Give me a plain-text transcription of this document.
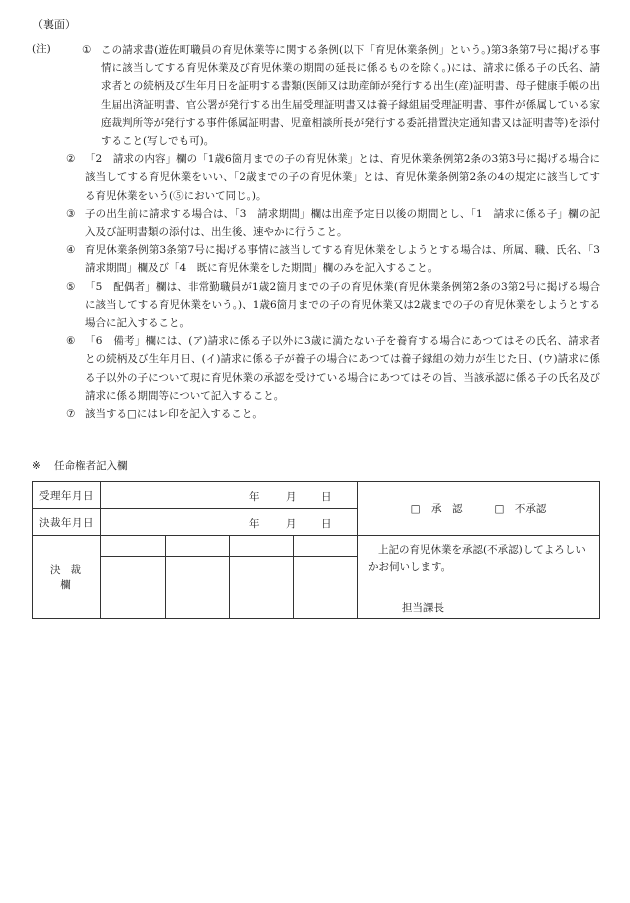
（裏面）
(注)	① この請求書(遊佐町職員の育児休業等に関する条例(以下「育児休業条例」という。)第3条第7号に掲げる事情に該当してする育児休業及び育児休業の期間の延長に係るものを除く。)には、請求に係る子の氏名、請求者との続柄及び生年月日を証明する書類(医師又は助産師が発行する出生(産)証明書、母子健康手帳の出生届出済証明書、官公署が発行する出生届受理証明書又は養子縁組届受理証明書、事件が係属している家庭裁判所等が発行する事件係属証明書、児童相談所長が発行する委託措置決定通知書又は証明書等)を添付すること(写しでも可)。
② 「2　請求の内容」欄の「1歳6箇月までの子の育児休業」とは、育児休業条例第2条の3第3号に掲げる場合に該当してする育児休業をいい、「2歳までの子の育児休業」とは、育児休業条例第2条の4の規定に該当してする育児休業をいう(⑤において同じ。)。
③ 子の出生前に請求する場合は、「3　請求期間」欄は出産予定日以後の期間とし、「1　請求に係る子」欄の記入及び証明書類の添付は、出生後、速やかに行うこと。
④ 育児休業条例第3条第7号に掲げる事情に該当してする育児休業をしようとする場合は、所属、職、氏名、「3　請求期間」欄及び「4　既に育児休業をした期間」欄のみを記入すること。
⑤ 「5　配偶者」欄は、非常勤職員が1歳2箇月までの子の育児休業(育児休業条例第2条の3第2号に掲げる場合に該当してする育児休業をいう。)、1歳6箇月までの子の育児休業又は2歳までの子の育児休業をしようとする場合に記入すること。
⑥ 「6　備考」欄には、(ア)請求に係る子以外に3歳に満たない子を養育する場合にあつてはその氏名、請求者との続柄及び生年月日、(イ)請求に係る子が養子の場合にあつては養子縁組の効力が生じた日、(ウ)請求に係る子以外の子について現に育児休業の承認を受けている場合にあつてはその旨、当該承認に係る子の氏名及び請求に係る期間等について記入すること。
⑦ 該当する□にはレ印を記入すること。
※ 任命権者記入欄
受理年月日	年 月 日				□　承　認 □　不承認
決裁年月日	年 月 日				

決裁欄					上記の育児休業を承認(不承認)してよろしいかお伺いします。
担当課長
